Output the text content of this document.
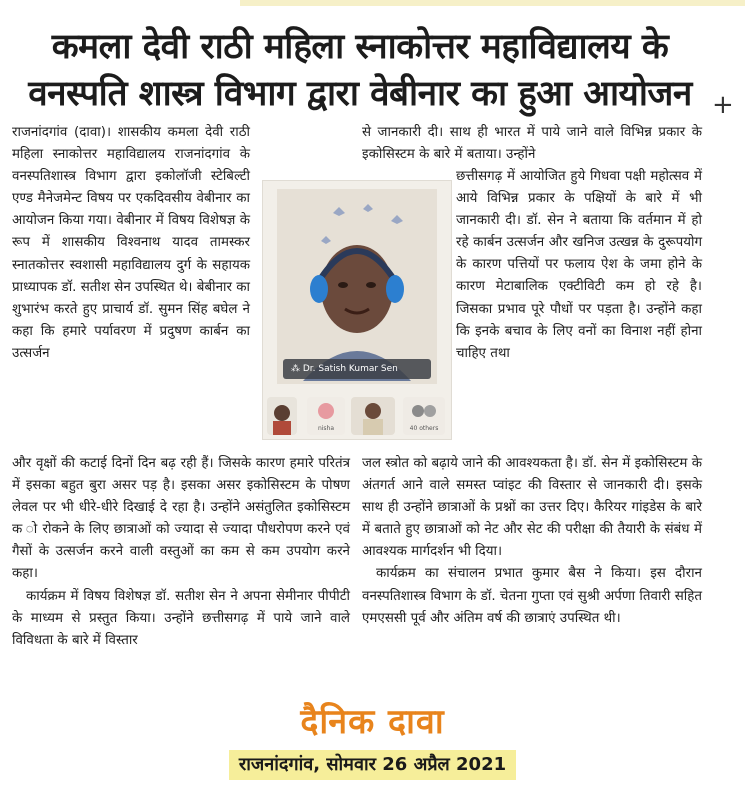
कमला देवी राठी महिला स्नाकोत्तर महाविद्यालय के
वनस्पति शास्त्र विभाग द्वारा वेबीनार का हुआ आयोजन +

राजनांदगांव (दावा)। शासकीय कमला देवी राठी महिला स्नाकोत्तर महाविद्यालय राजनांदगांव के वनस्पतिशास्त्र विभाग द्वारा इकोलॉजी स्टेबिल्टी एण्ड मैनेजमेन्ट विषय पर एकदिवसीय वेबीनार का आयोजन किया गया। वेबीनार में विषय विशेषज्ञ के रूप में शासकीय विश्वनाथ यादव तामस्कर स्नातकोत्तर स्वशासी महाविद्यालय दुर्ग के सहायक प्राध्यापक डॉ. सतीश सेन उपस्थित थे। बेबीनार का शुभारंभ करते हुए प्राचार्य डॉ. सुमन सिंह बघेल ने कहा कि हमारे पर्यावरण में प्रदुषण कार्बन का उत्सर्जन

⁂ Dr. Satish Kumar Sen
nisha	40 others

और वृक्षों की कटाई दिनों दिन बढ़ रही हैं। जिसके कारण हमारे परितंत्र में इसका बहुत बुरा असर पड़ है। इसका असर इकोसिस्टम के पोषण लेवल पर भी धीरे-धीरे दिखाई दे रहा है। उन्होंने असंतुलित इकोसिस्टम क ो रोकने के लिए छात्राओं को ज्यादा से ज्यादा पौधरोपण करने एवं गैसों के उत्सर्जन करने वाली वस्तुओं का कम से कम उपयोग करने कहा।

कार्यक्रम में विषय विशेषज्ञ डॉ. सतीश सेन ने अपना सेमीनार पीपीटी के माध्यम से प्रस्तुत किया। उन्होंने छत्तीसगढ़ में पाये जाने वाले विविधता के बारे में विस्तार

से जानकारी दी। साथ ही भारत में पाये जाने वाले विभिन्न प्रकार के इकोसिस्टम के बारे में बताया। उन्होंने

छत्तीसगढ़ में आयोजित हुये गिधवा पक्षी महोत्सव में आये विभिन्न प्रकार के पक्षियों के बारे में भी जानकारी दी। डॉ. सेन ने बताया कि वर्तमान में हो रहे कार्बन उत्सर्जन और खनिज उत्खन्न के दुरूपयोग के कारण पत्तियों पर फलाय ऐश के जमा होने के कारण मेटाबालिक एक्टीविटी कम हो रहे है। जिसका प्रभाव पूरे पौधों पर पड़ता है। उन्होंने कहा कि इनके बचाव के लिए वनों का विनाश नहीं होना चाहिए तथा

जल स्त्रोत को बढ़ाये जाने की आवश्यकता है। डॉ. सेन में इकोसिस्टम के अंतगर्त आने वाले समस्त प्वांइट की विस्तार से जानकारी दी। इसके साथ ही उन्होंने छात्राओं के प्रश्नों का उत्तर दिए। कैरियर गांइडेस के बारे में बताते हुए छात्राओं को नेट और सेट की परीक्षा की तैयारी के संबंध में आवश्यक मार्गदर्शन भी दिया।

कार्यक्रम का संचालन प्रभात कुमार बैस ने किया। इस दौरान वनस्पतिशास्त्र विभाग के डॉ. चेतना गुप्ता एवं सुश्री अर्पणा तिवारी सहित एमएससी पूर्व और अंतिम वर्ष की छात्राएं उपस्थित थी।

दैनिक दावा
राजनांदगांव, सोमवार 26 अप्रैल 2021
